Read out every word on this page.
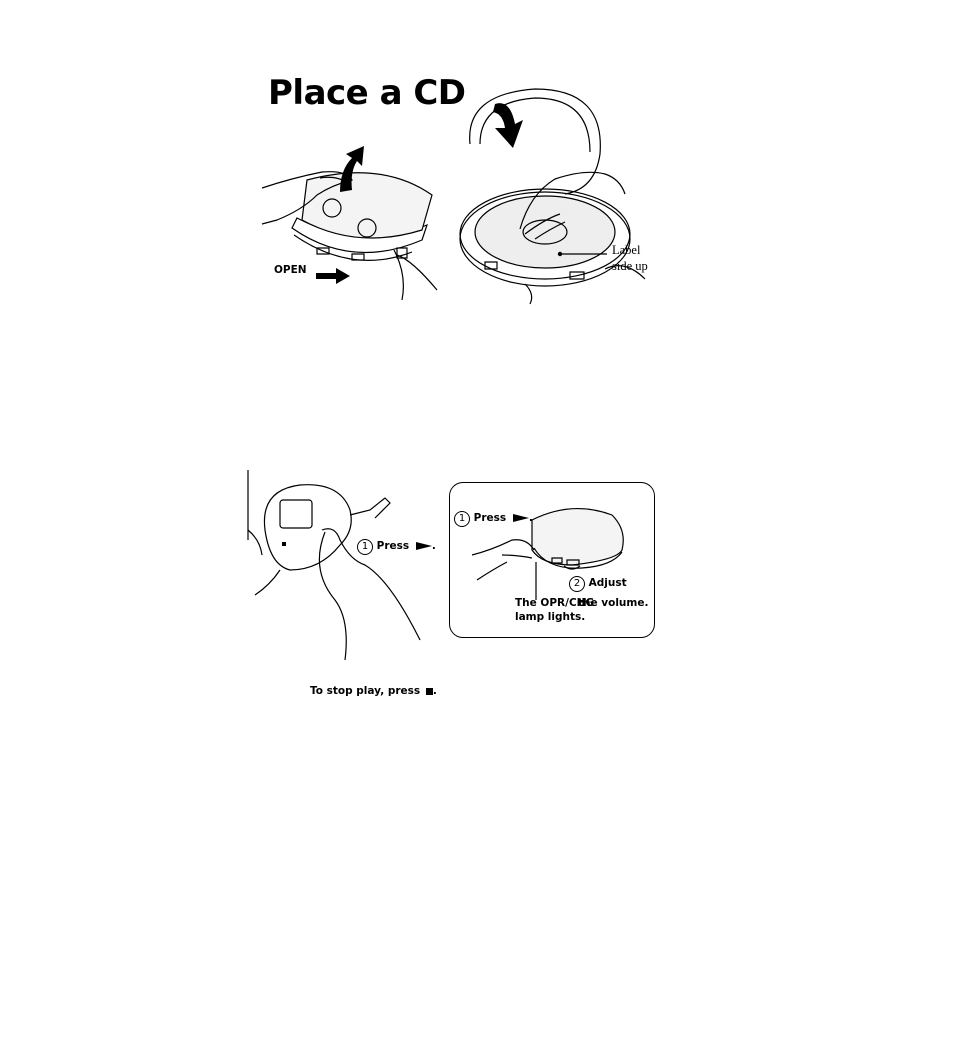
Place a CD
OPEN
Label
side up
1 Press .
1 Press .
2 Adjust
the volume.
The OPR/CHG
lamp lights.
To stop play, press .
